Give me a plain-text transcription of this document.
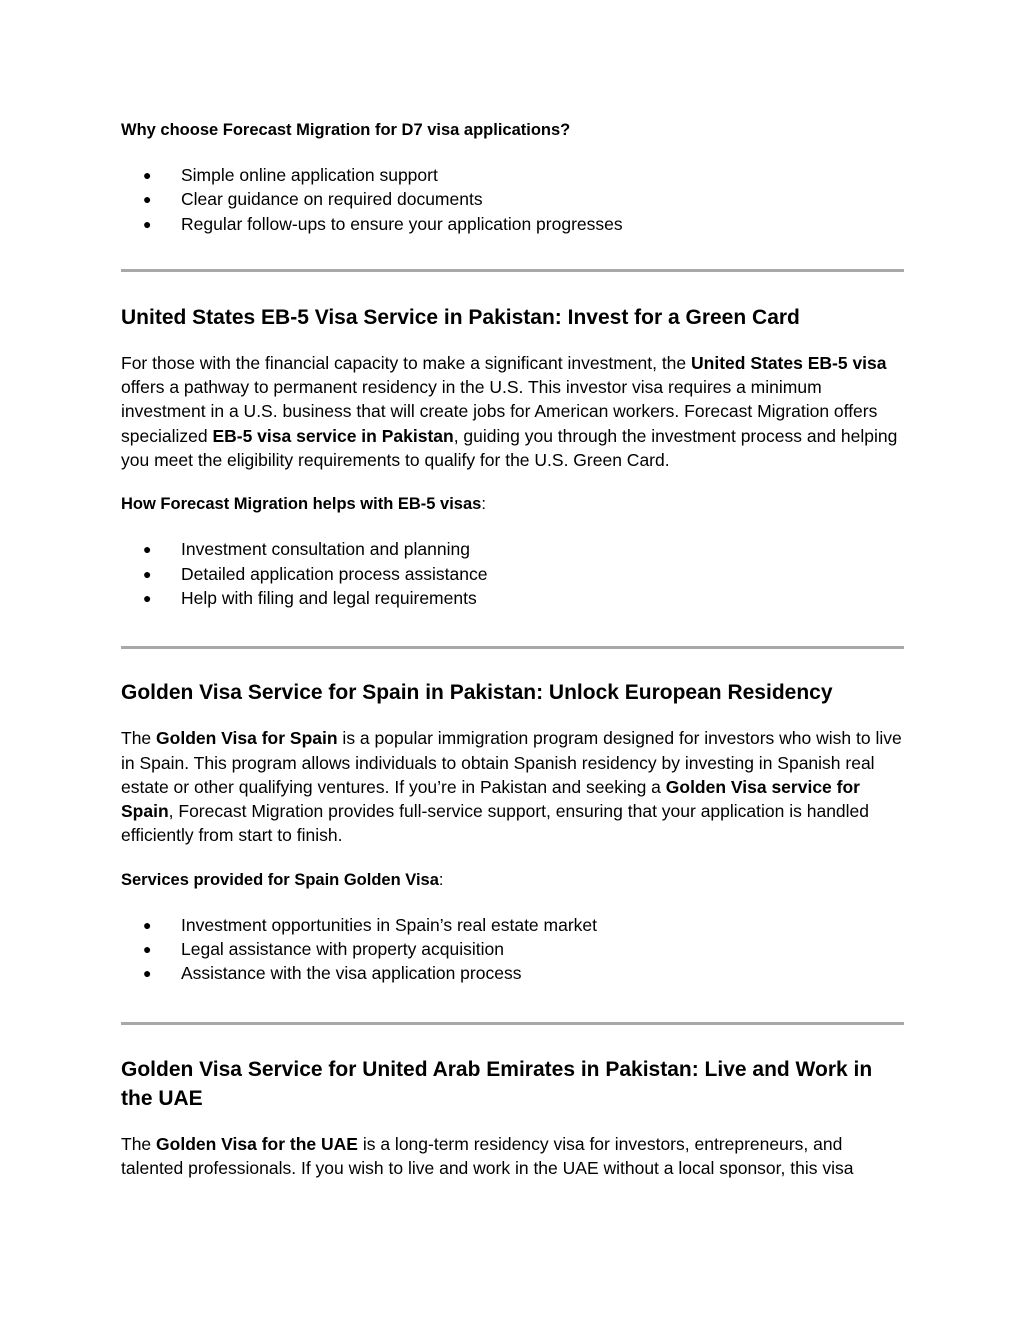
Why choose Forecast Migration for D7 visa applications?

● Simple online application support
● Clear guidance on required documents
● Regular follow-ups to ensure your application progresses
United States EB-5 Visa Service in Pakistan: Invest for a Green Card

For those with the financial capacity to make a significant investment, the United States EB-5 visa offers a pathway to permanent residency in the U.S. This investor visa requires a minimum investment in a U.S. business that will create jobs for American workers. Forecast Migration offers specialized EB-5 visa service in Pakistan, guiding you through the investment process and helping you meet the eligibility requirements to qualify for the U.S. Green Card.

How Forecast Migration helps with EB-5 visas:

● Investment consultation and planning
● Detailed application process assistance
● Help with filing and legal requirements
Golden Visa Service for Spain in Pakistan: Unlock European Residency

The Golden Visa for Spain is a popular immigration program designed for investors who wish to live in Spain. This program allows individuals to obtain Spanish residency by investing in Spanish real estate or other qualifying ventures. If you’re in Pakistan and seeking a Golden Visa service for Spain, Forecast Migration provides full-service support, ensuring that your application is handled efficiently from start to finish.

Services provided for Spain Golden Visa:

● Investment opportunities in Spain’s real estate market
● Legal assistance with property acquisition
● Assistance with the visa application process
Golden Visa Service for United Arab Emirates in Pakistan: Live and Work in the UAE

The Golden Visa for the UAE is a long-term residency visa for investors, entrepreneurs, and talented professionals. If you wish to live and work in the UAE without a local sponsor, this visa
